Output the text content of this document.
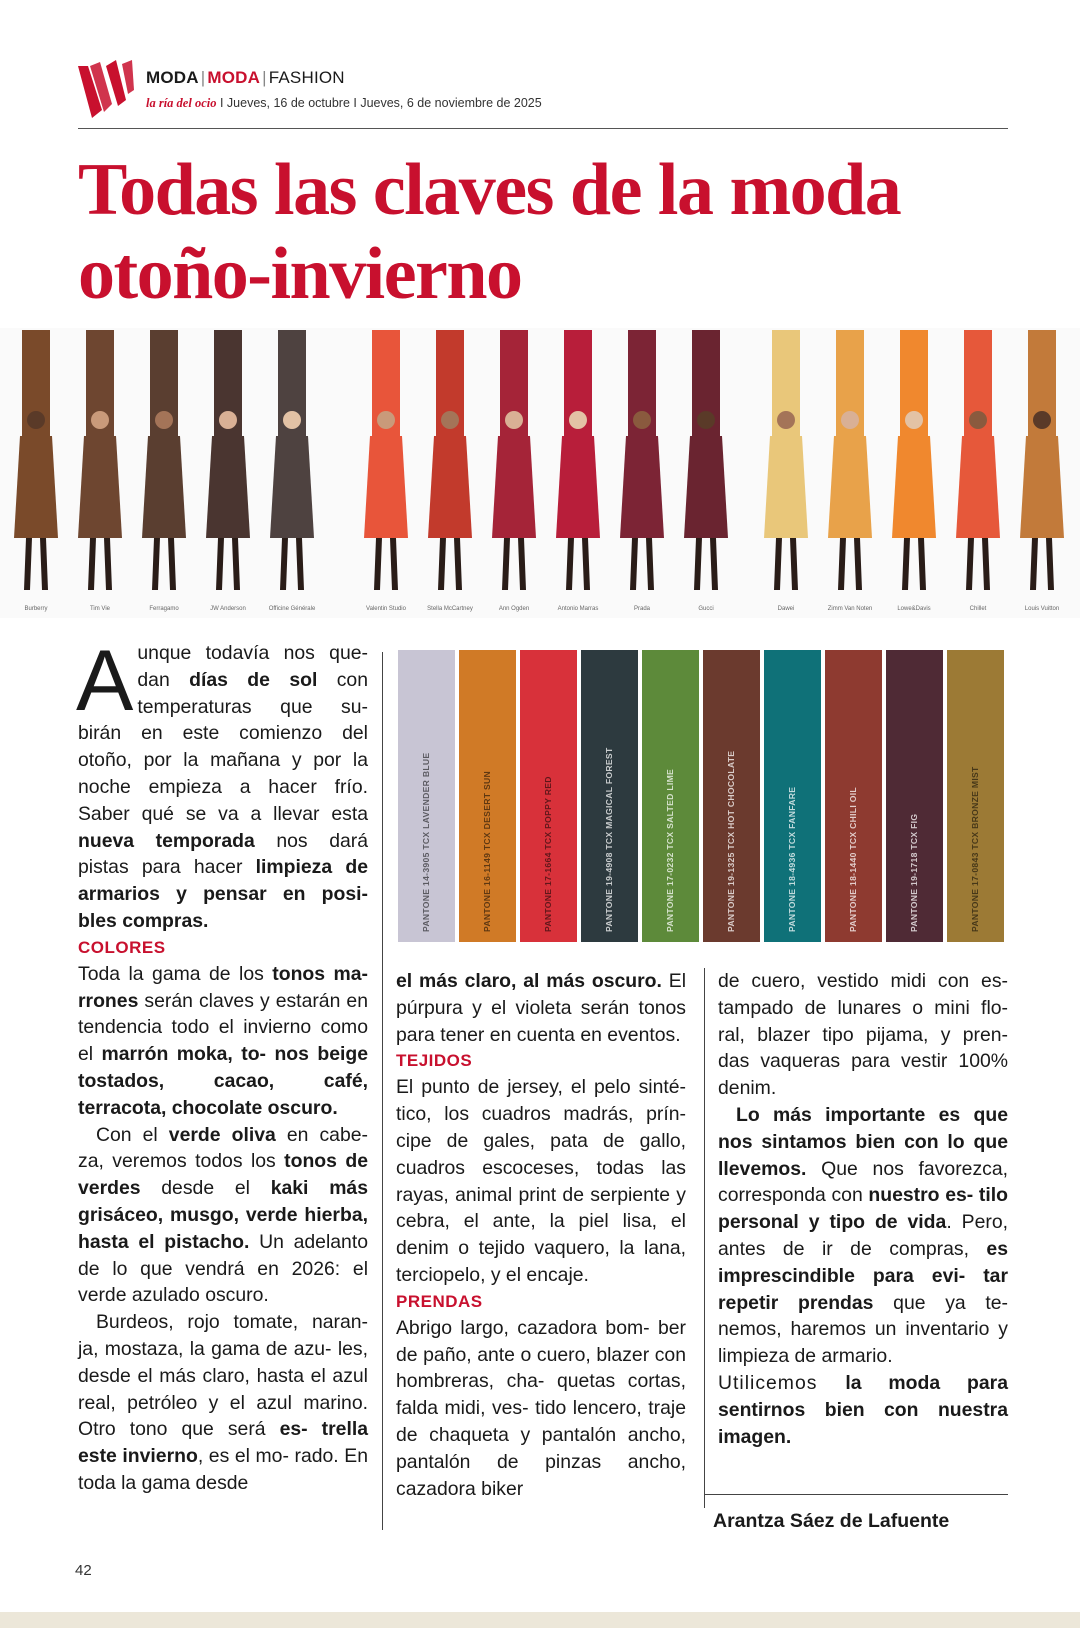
MODA | MODA | FASHION
la ría del ocio I Jueves, 16 de octubre I Jueves, 6 de noviembre de 2025
Todas las claves de la moda
otoño-invierno
Burberry	Tim Vie	Ferragamo	JW Anderson	Officine Générale	Valentin Studio	Stella McCartney	Ann Ogden	Antonio Marras	Prada	Gucci	Dawei	Zimm Van Noten	Lowe&Davis	Chillet	Louis Vuitton

Aunque todavía nos que- dan días de sol con temperaturas que su- birán en este comienzo del otoño, por la mañana y por la noche empieza a hacer frío. Saber qué se va a llevar esta nueva temporada nos dará pistas para hacer limpieza de armarios y pensar en posi- bles compras.

COLORES

Toda la gama de los tonos ma- rrones serán claves y estarán en tendencia todo el invierno como el marrón moka, to- nos beige tostados, cacao, café, terracota, chocolate oscuro.

Con el verde oliva en cabe- za, veremos todos los tonos de verdes desde el kaki más grisáceo, musgo, verde hierba, hasta el pistacho. Un adelanto de lo que vendrá en 2026: el verde azulado oscuro.

Burdeos, rojo tomate, naran- ja, mostaza, la gama de azu- les, desde el más claro, hasta el azul real, petróleo y el azul marino. Otro tono que será es- trella este invierno, es el mo- rado. En toda la gama desde

PANTONE 14-3905 TCX LAVENDER BLUE	PANTONE 16-1149 TCX DESERT SUN	PANTONE 17-1664 TCX POPPY RED	PANTONE 19-4908 TCX MAGICAL FOREST	PANTONE 17-0232 TCX SALTED LIME	PANTONE 19-1325 TCX HOT CHOCOLATE	PANTONE 18-4936 TCX FANFARE	PANTONE 18-1440 TCX CHILI OIL	PANTONE 19-1718 TCX FIG	PANTONE 17-0843 TCX BRONZE MIST

el más claro, al más oscuro. El púrpura y el violeta serán tonos para tener en cuenta en eventos.

TEJIDOS

El punto de jersey, el pelo sinté- tico, los cuadros madrás, prín- cipe de gales, pata de gallo, cuadros escoceses, todas las rayas, animal print de serpiente y cebra, el ante, la piel lisa, el denim o tejido vaquero, la lana, terciopelo, y el encaje.

PRENDAS

Abrigo largo, cazadora bom- ber de paño, ante o cuero, blazer con hombreras, cha- quetas cortas, falda midi, ves- tido lencero, traje de chaqueta y pantalón ancho, pantalón de pinzas ancho, cazadora biker

de cuero, vestido midi con es- tampado de lunares o mini flo- ral, blazer tipo pijama, y pren- das vaqueras para vestir 100% denim.

Lo más importante es que nos sintamos bien con lo que llevemos. Que nos favorezca, corresponda con nuestro es- tilo personal y tipo de vida. Pero, antes de ir de compras, es imprescindible para evi- tar repetir prendas que ya te- nemos, haremos un inventario y limpieza de armario.

Utilicemos la moda para sentirnos bien con nuestra imagen.

Arantza Sáez de Lafuente
42
